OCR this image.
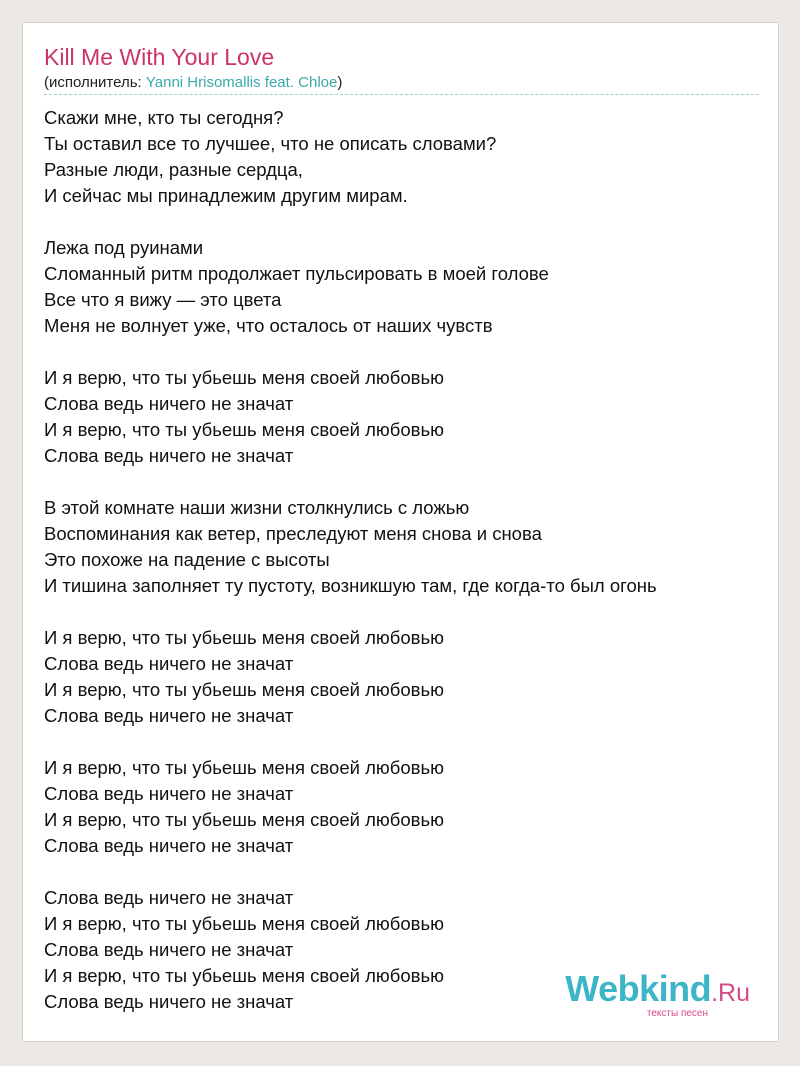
Kill Me With Your Love
(исполнитель: Yanni Hrisomallis feat. Chloe)
Скажи мне, кто ты сегодня?
Ты оставил все то лучшее, что не описать словами?
Разные люди, разные сердца,
И сейчас мы принадлежим другим мирам.
Лежа под руинами
Сломанный ритм продолжает пульсировать в моей голове
Все что я вижу — это цвета
Меня не волнует уже, что осталось от наших чувств
И я верю, что ты убьешь меня своей любовью
Слова ведь ничего не значат
И я верю, что ты убьешь меня своей любовью
Слова ведь ничего не значат
В этой комнате наши жизни столкнулись с ложью
Воспоминания как ветер, преследуют меня снова и снова
Это похоже на падение с высоты
И тишина заполняет ту пустоту, возникшую там, где когда-то был огонь
И я верю, что ты убьешь меня своей любовью
Слова ведь ничего не значат
И я верю, что ты убьешь меня своей любовью
Слова ведь ничего не значат
И я верю, что ты убьешь меня своей любовью
Слова ведь ничего не значат
И я верю, что ты убьешь меня своей любовью
Слова ведь ничего не значат
Слова ведь ничего не значат
И я верю, что ты убьешь меня своей любовью
Слова ведь ничего не значат
И я верю, что ты убьешь меня своей любовью
Слова ведь ничего не значат	Webkind.Ru
тексты песен
